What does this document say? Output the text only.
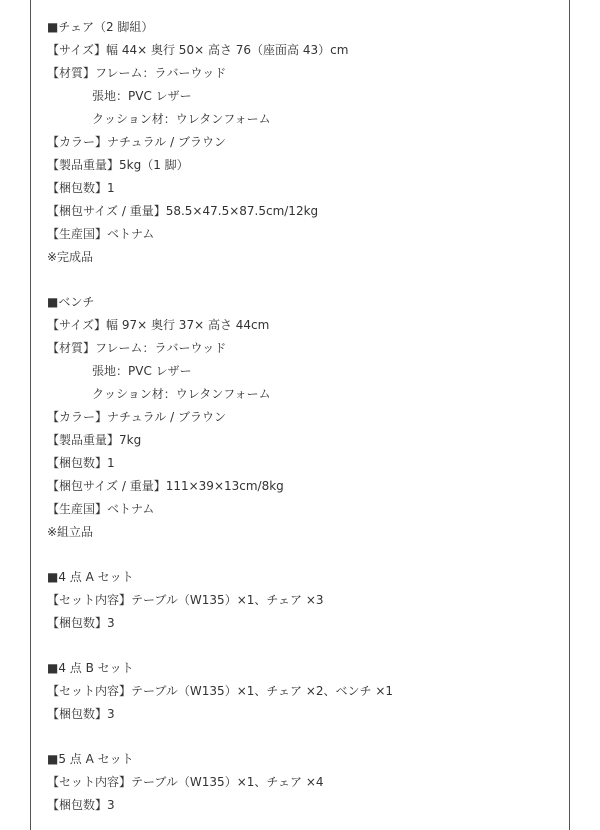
■チェア（2 脚組）
【サイズ】幅 44× 奥行 50× 高さ 76（座面高 43）cm
【材質】フレーム：ラバーウッド
張地：PVC レザー
クッション材：ウレタンフォーム
【カラー】ナチュラル / ブラウン
【製品重量】5kg（1 脚）
【梱包数】1
【梱包サイズ / 重量】58.5×47.5×87.5cm/12kg
【生産国】ベトナム
※完成品
■ベンチ
【サイズ】幅 97× 奥行 37× 高さ 44cm
【材質】フレーム：ラバーウッド
張地：PVC レザー
クッション材：ウレタンフォーム
【カラー】ナチュラル / ブラウン
【製品重量】7kg
【梱包数】1
【梱包サイズ / 重量】111×39×13cm/8kg
【生産国】ベトナム
※組立品
■4 点 A セット
【セット内容】テーブル（W135）×1、チェア ×3
【梱包数】3
■4 点 B セット
【セット内容】テーブル（W135）×1、チェア ×2、ベンチ ×1
【梱包数】3
■5 点 A セット
【セット内容】テーブル（W135）×1、チェア ×4
【梱包数】3
